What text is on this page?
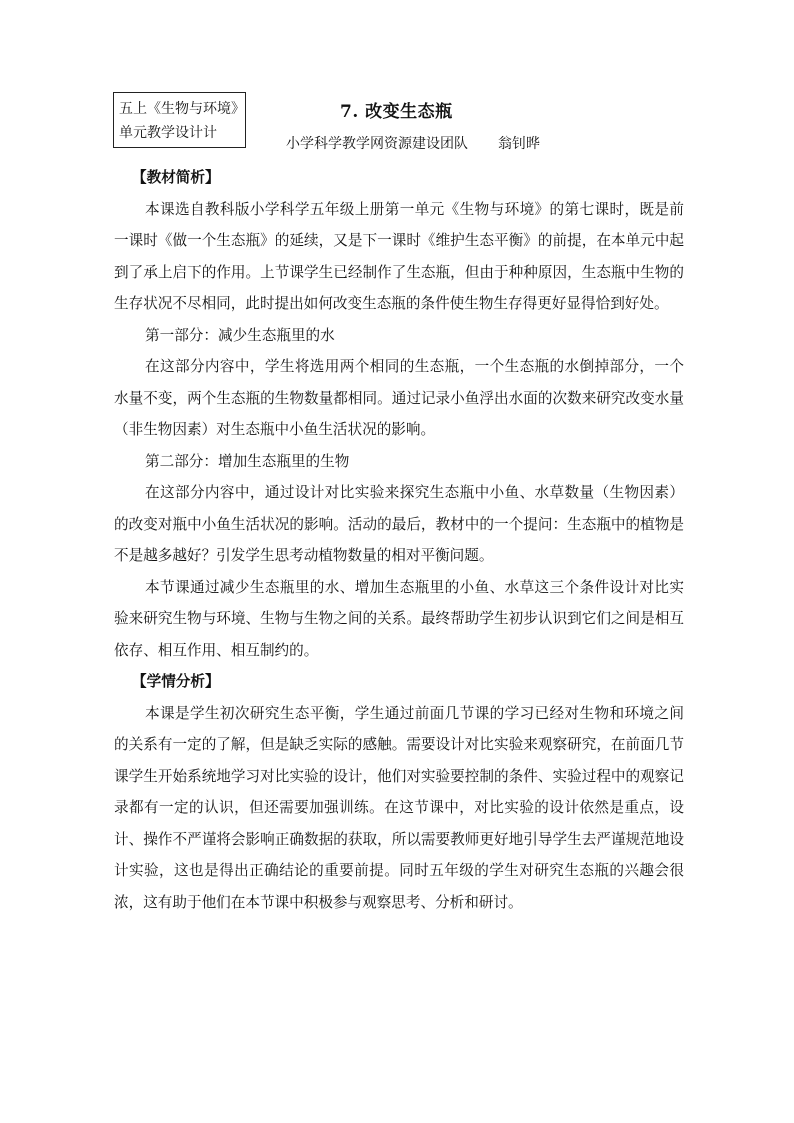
五上《生物与环境》
单元教学设计计
7. 改变生态瓶
小学科学教学网资源建设团队 翁钊晔

【教材简析】

本课选自教科版小学科学五年级上册第一单元《生物与环境》的第七课时，既是前一课时《做一个生态瓶》的延续，又是下一课时《维护生态平衡》的前提，在本单元中起到了承上启下的作用。上节课学生已经制作了生态瓶，但由于种种原因，生态瓶中生物的生存状况不尽相同，此时提出如何改变生态瓶的条件使生物生存得更好显得恰到好处。

第一部分：减少生态瓶里的水

在这部分内容中，学生将选用两个相同的生态瓶，一个生态瓶的水倒掉部分，一个水量不变，两个生态瓶的生物数量都相同。通过记录小鱼浮出水面的次数来研究改变水量（非生物因素）对生态瓶中小鱼生活状况的影响。

第二部分：增加生态瓶里的生物

在这部分内容中，通过设计对比实验来探究生态瓶中小鱼、水草数量（生物因素）的改变对瓶中小鱼生活状况的影响。活动的最后，教材中的一个提问：生态瓶中的植物是不是越多越好？引发学生思考动植物数量的相对平衡问题。

本节课通过减少生态瓶里的水、增加生态瓶里的小鱼、水草这三个条件设计对比实验来研究生物与环境、生物与生物之间的关系。最终帮助学生初步认识到它们之间是相互依存、相互作用、相互制约的。

【学情分析】

本课是学生初次研究生态平衡，学生通过前面几节课的学习已经对生物和环境之间的关系有一定的了解，但是缺乏实际的感触。需要设计对比实验来观察研究，在前面几节课学生开始系统地学习对比实验的设计，他们对实验要控制的条件、实验过程中的观察记录都有一定的认识，但还需要加强训练。在这节课中，对比实验的设计依然是重点，设计、操作不严谨将会影响正确数据的获取，所以需要教师更好地引导学生去严谨规范地设计实验，这也是得出正确结论的重要前提。同时五年级的学生对研究生态瓶的兴趣会很浓，这有助于他们在本节课中积极参与观察思考、分析和研讨。
